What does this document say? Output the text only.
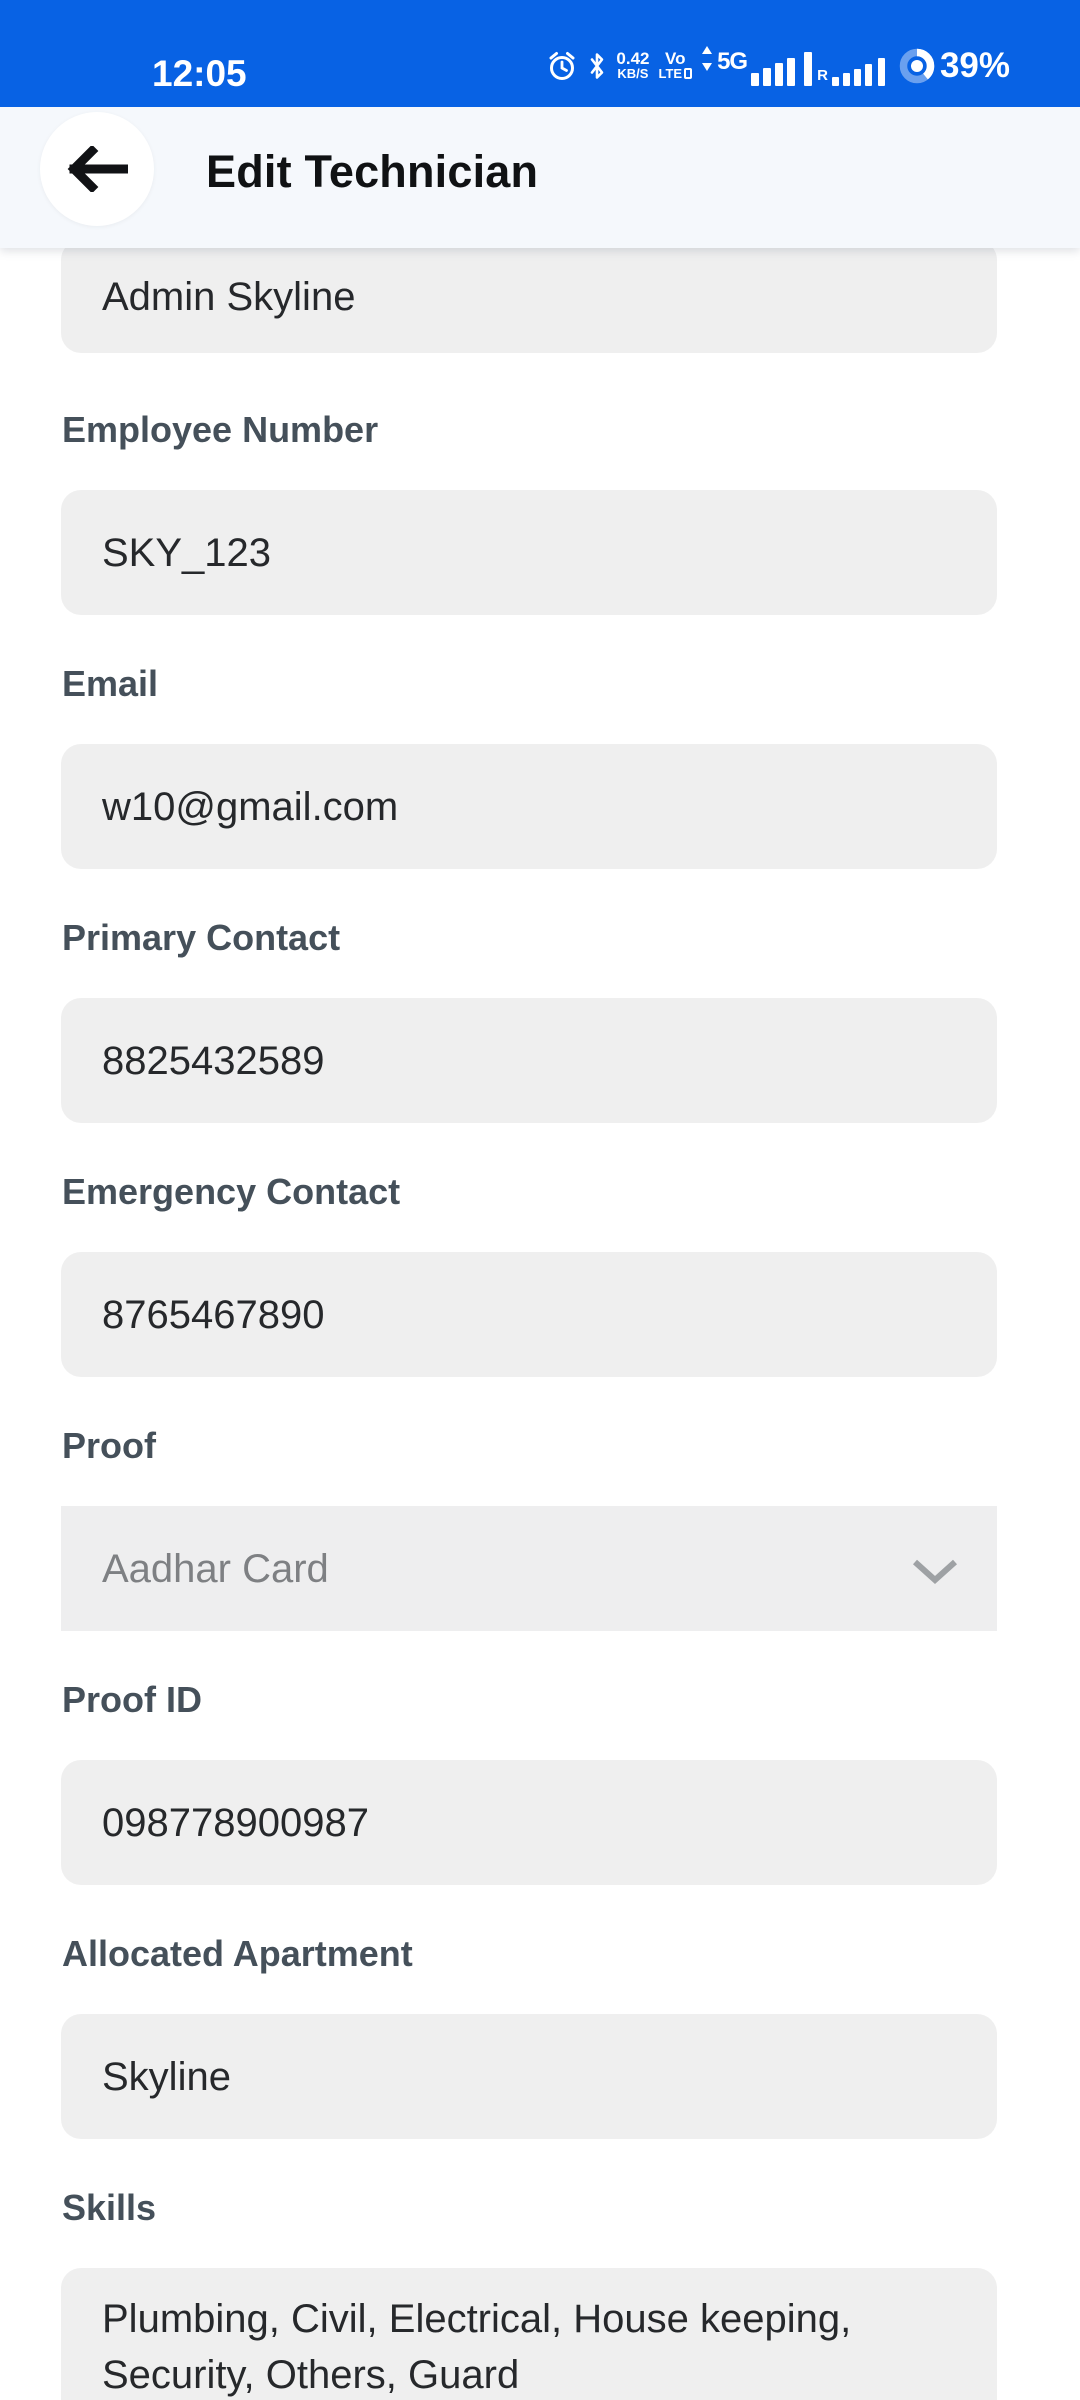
Admin Skyline
Employee Number
SKY_123
Email
w10@gmail.com
Primary Contact
8825432589
Emergency Contact
8765467890
Proof
Aadhar Card
Proof ID
098778900987
Allocated Apartment
Skyline
Skills
Plumbing, Civil, Electrical, House keeping, Security, Others, Guard
Edit Technician
12:05	0.42
KB/S
Vo
LTE 5G
R	39%
